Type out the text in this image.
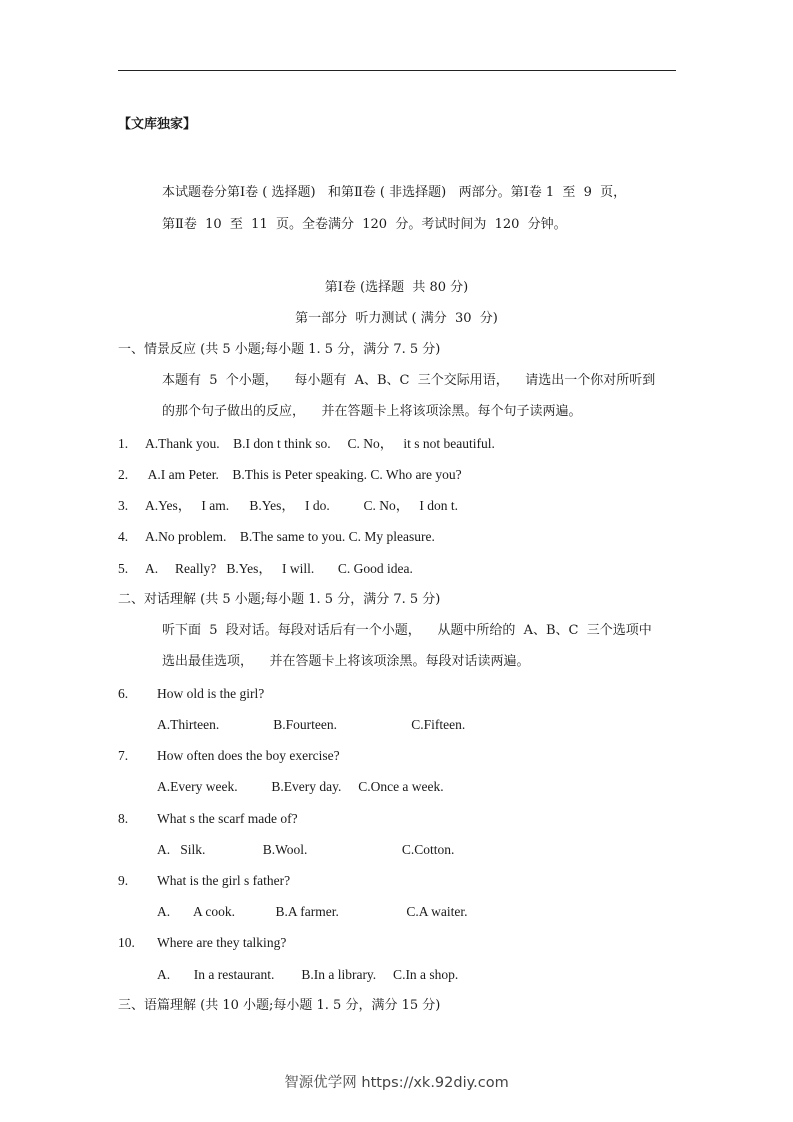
【文库独家】
本试题卷分第Ⅰ卷 ( 选择题)   和第Ⅱ卷 ( 非选择题)   两部分。第Ⅰ卷 1  至  9  页，
第Ⅱ卷  10  至  11  页。全卷满分  120  分。考试时间为  120  分钟。
第Ⅰ卷 (选择题  共 80 分)
第一部分  听力测试 ( 满分  30  分)
一、情景反应 (共 5 小题;每小题 1. 5 分，满分 7. 5 分)
本题有  5  个小题，    每小题有  A、B、C  三个交际用语，    请选出一个你对所听到
的那个句子做出的反应，    并在答题卡上将该项涂黑。每个句子读两遍。
1. A.Thank you.    B.I don t think so.     C. No，   it s not beautiful.
2. A.I am Peter.    B.This is Peter speaking. C. Who are you?
3. A.Yes，   I am.      B.Yes，   I do.          C. No，   I don t.
4. A.No problem.    B.The same to you. C. My pleasure.
5. A.     Really?   B.Yes，   I will.       C. Good idea.
二、对话理解 (共 5 小题;每小题 1. 5 分，满分 7. 5 分)
听下面  5  段对话。每段对话后有一个小题，    从题中所给的  A、B、C  三个选项中
选出最佳选项，    并在答题卡上将该项涂黑。每段对话读两遍。
6. How old is the girl?
A.Thirteen.                B.Fourteen.                      C.Fifteen.
7. How often does the boy exercise?
A.Every week.          B.Every day.     C.Once a week.
8. What s the scarf made of?
A.   Silk.                 B.Wool.                            C.Cotton.
9. What is the girl s father?
A.       A cook.            B.A farmer.                    C.A waiter.
10. Where are they talking?
A.       In a restaurant.        B.In a library.     C.In a shop.
三、语篇理解 (共 10 小题;每小题 1. 5 分，满分 15 分)
智源优学网 https://xk.92diy.com
